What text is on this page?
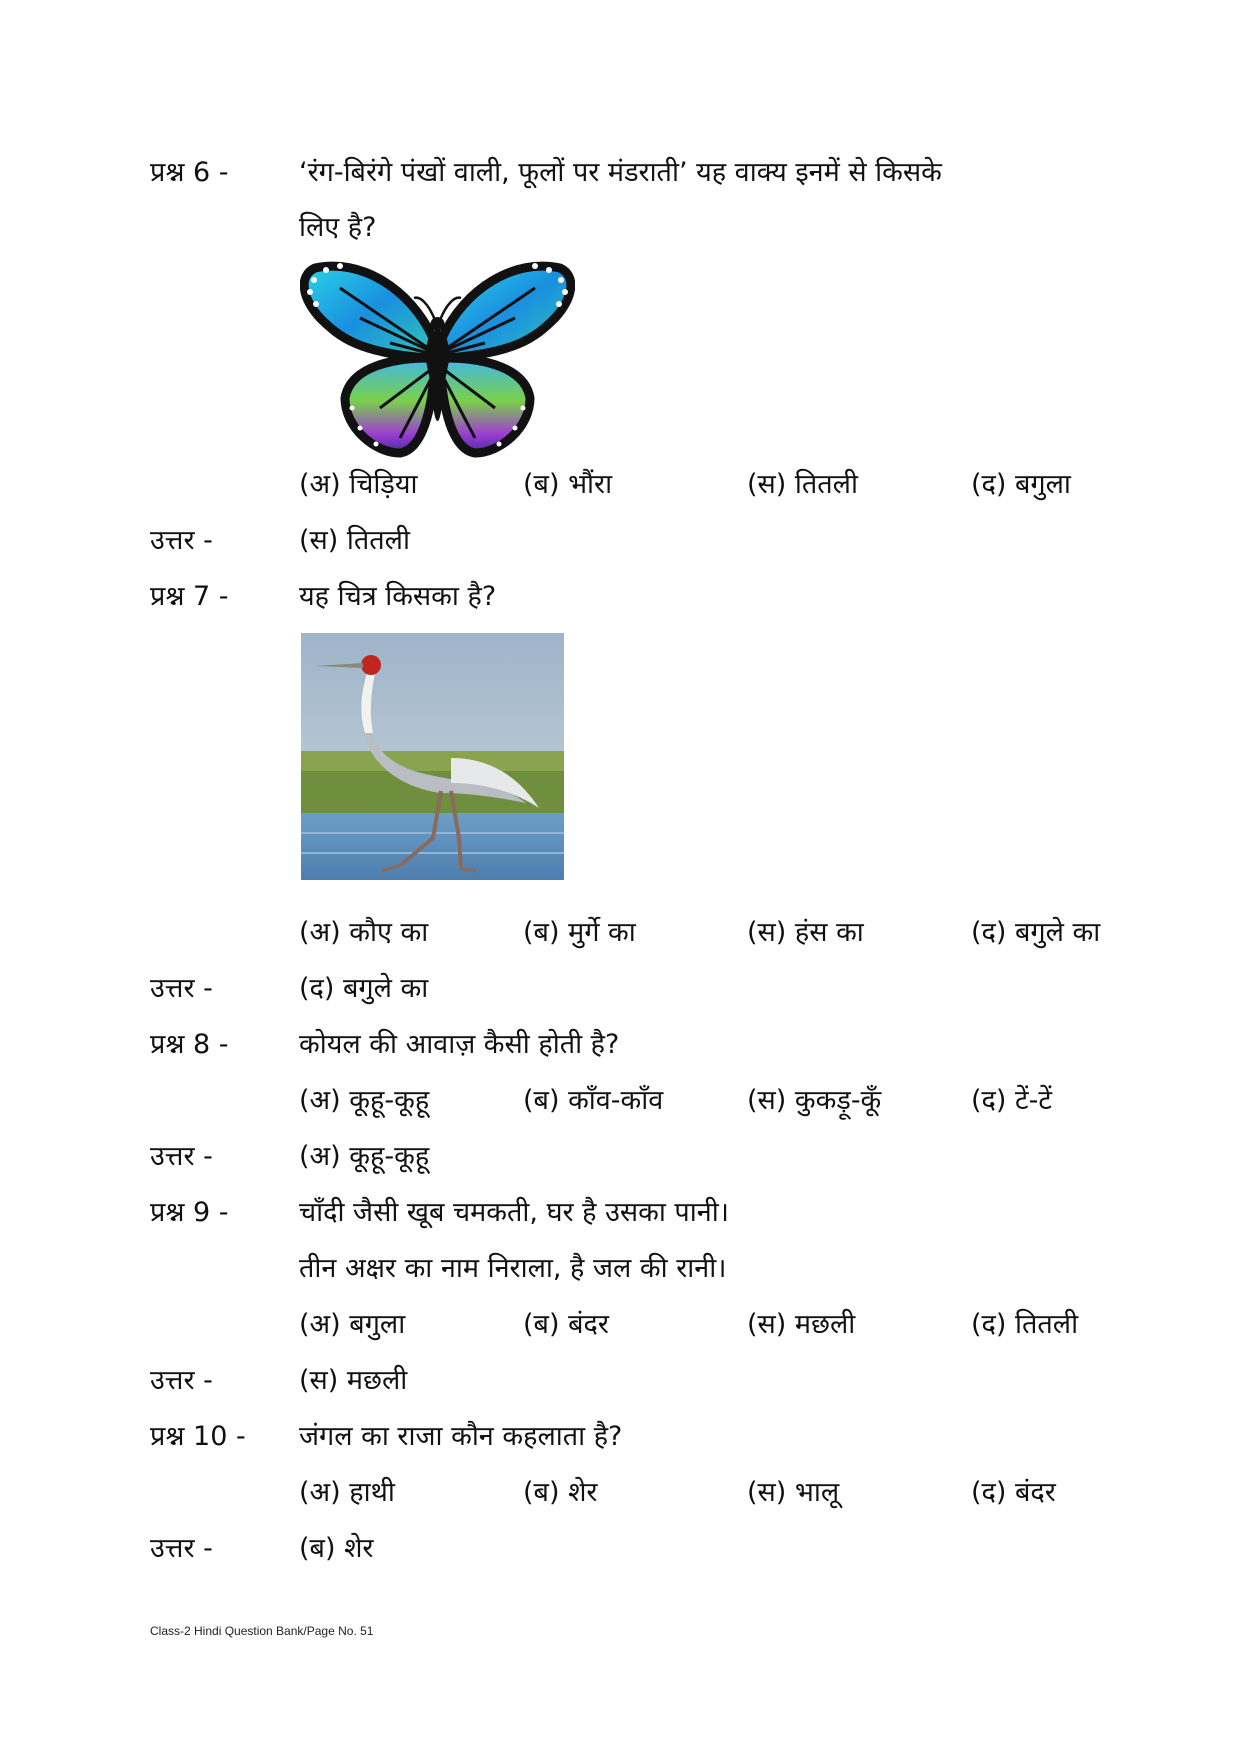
प्रश्न 6 -	‘रंग-बिरंगे पंखों वाली, फूलों पर मंडराती’ यह वाक्य इनमें से किसके
लिए है?
(अ) चिड़िया	(ब) भौंरा	(स) तितली	(द) बगुला
उत्तर -	(स) तितली
प्रश्न 7 -	यह चित्र किसका है?
(अ) कौए का	(ब) मुर्गे का	(स) हंस का	(द) बगुले का
उत्तर -	(द) बगुले का
प्रश्न 8 -	कोयल की आवाज़ कैसी होती है?
(अ) कूहू-कूहू	(ब) काँव-काँव	(स) कुकड़ू-कूँ	(द) टें-टें
उत्तर -	(अ) कूहू-कूहू
प्रश्न 9 -	चाँदी जैसी खूब चमकती, घर है उसका पानी।
तीन अक्षर का नाम निराला, है जल की रानी।
(अ) बगुला	(ब) बंदर	(स) मछली	(द) तितली
उत्तर -	(स) मछली
प्रश्न 10 - जंगल का राजा कौन कहलाता है?
(अ) हाथी	(ब) शेर	(स) भालू	(द) बंदर
उत्तर -	(ब) शेर
Class-2 Hindi Question Bank/Page No. 51
